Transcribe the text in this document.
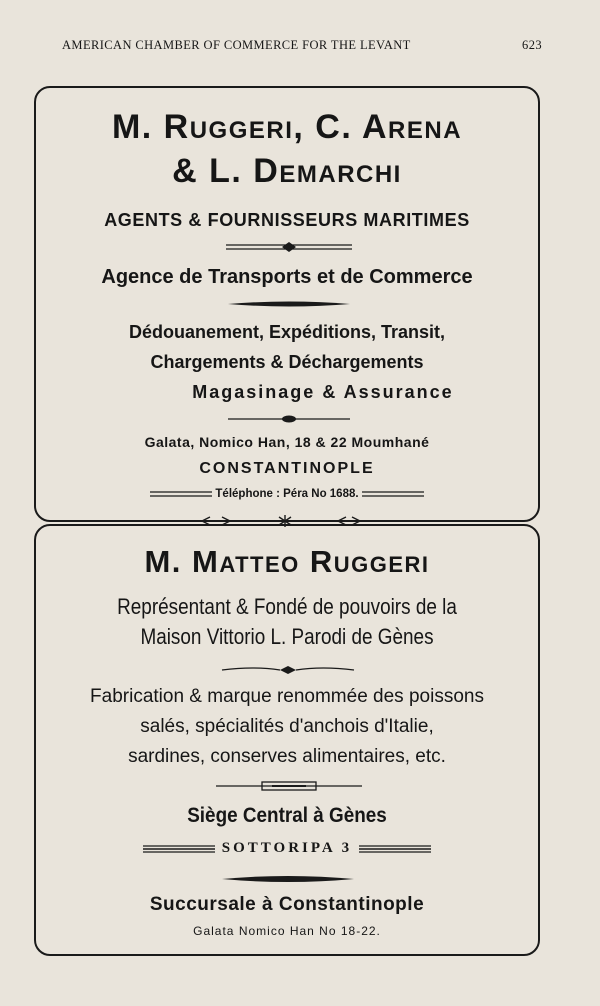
AMERICAN CHAMBER OF COMMERCE FOR THE LEVANT	623
M. Ruggeri, C. Arena
& L. Demarchi
AGENTS & FOURNISSEURS MARITIMES
Agence de Transports et de Commerce
Dédouanement, Expéditions, Transit,
Chargements & Déchargements
Magasinage & Assurance
Galata, Nomico Han, 18 & 22 Moumhané
CONSTANTINOPLE
Téléphone : Péra No 1688.
M. Matteo Ruggeri
Représentant & Fondé de pouvoirs de la
Maison Vittorio L. Parodi de Gènes
Fabrication & marque renommée des poissons
salés, spécialités d'anchois d'Italie,
sardines, conserves alimentaires, etc.
Siège Central à Gènes
SOTTORIPA 3
Succursale à Constantinople
Galata Nomico Han No 18-22.
